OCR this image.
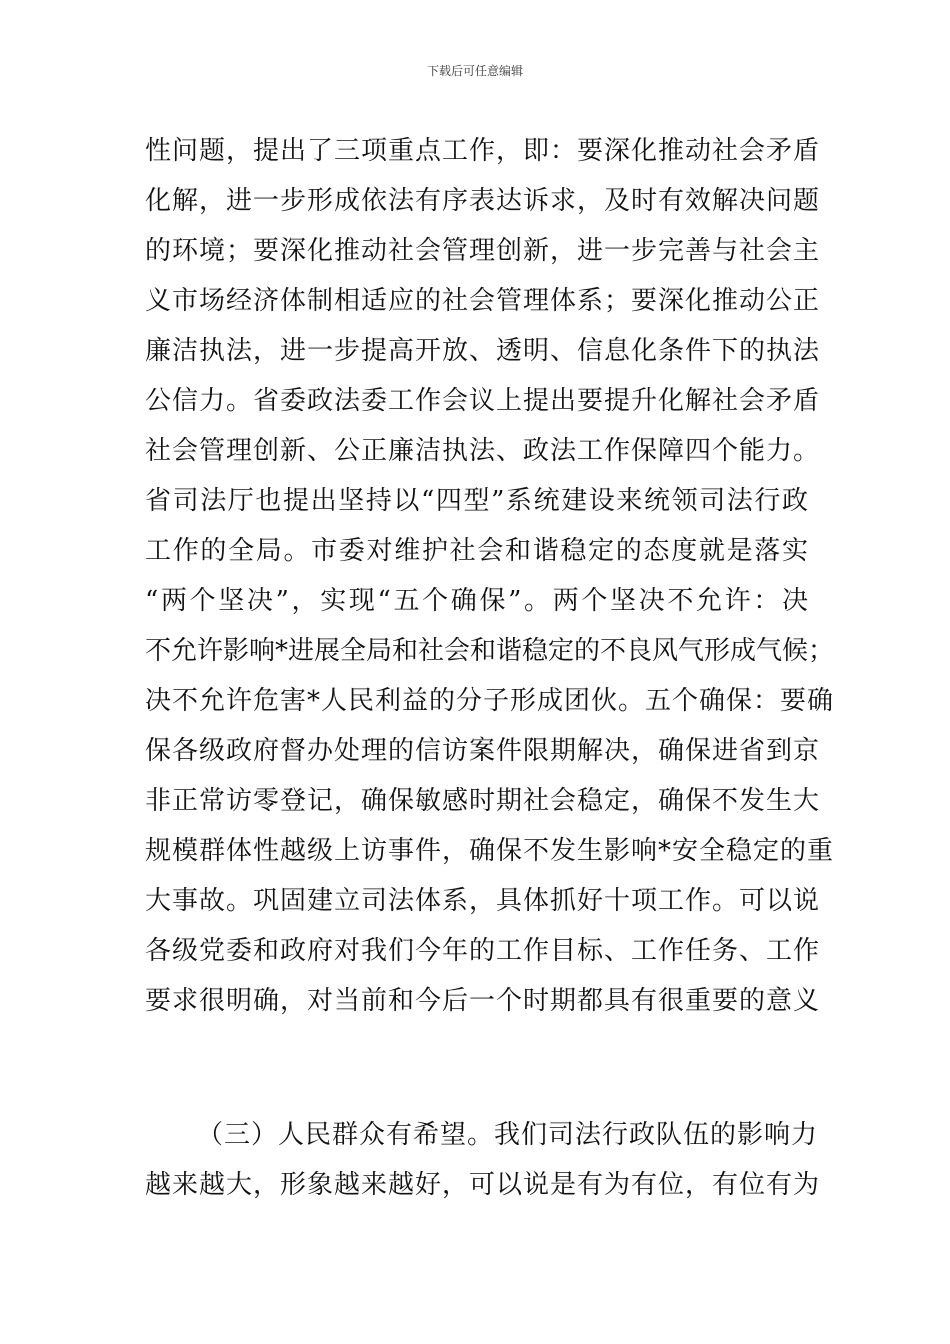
下载后可任意编辑
性问题，提出了三项重点工作，即：要深化推动社会矛盾
化解，进一步形成依法有序表达诉求，及时有效解决问题
的环境；要深化推动社会管理创新，进一步完善与社会主
义市场经济体制相适应的社会管理体系；要深化推动公正
廉洁执法，进一步提高开放、透明、信息化条件下的执法
公信力。省委政法委工作会议上提出要提升化解社会矛盾
社会管理创新、公正廉洁执法、政法工作保障四个能力。
省司法厅也提出坚持以“四型”系统建设来统领司法行政
工作的全局。市委对维护社会和谐稳定的态度就是落实
“两个坚决”，实现“五个确保”。两个坚决不允许：决
不允许影响*进展全局和社会和谐稳定的不良风气形成气候；
决不允许危害*人民利益的分子形成团伙。五个确保：要确
保各级政府督办处理的信访案件限期解决，确保进省到京
非正常访零登记，确保敏感时期社会稳定，确保不发生大
规模群体性越级上访事件，确保不发生影响*安全稳定的重
大事故。巩固建立司法体系，具体抓好十项工作。可以说
各级党委和政府对我们今年的工作目标、工作任务、工作
要求很明确，对当前和今后一个时期都具有很重要的意义
（三）人民群众有希望。我们司法行政队伍的影响力
越来越大，形象越来越好，可以说是有为有位，有位有为
